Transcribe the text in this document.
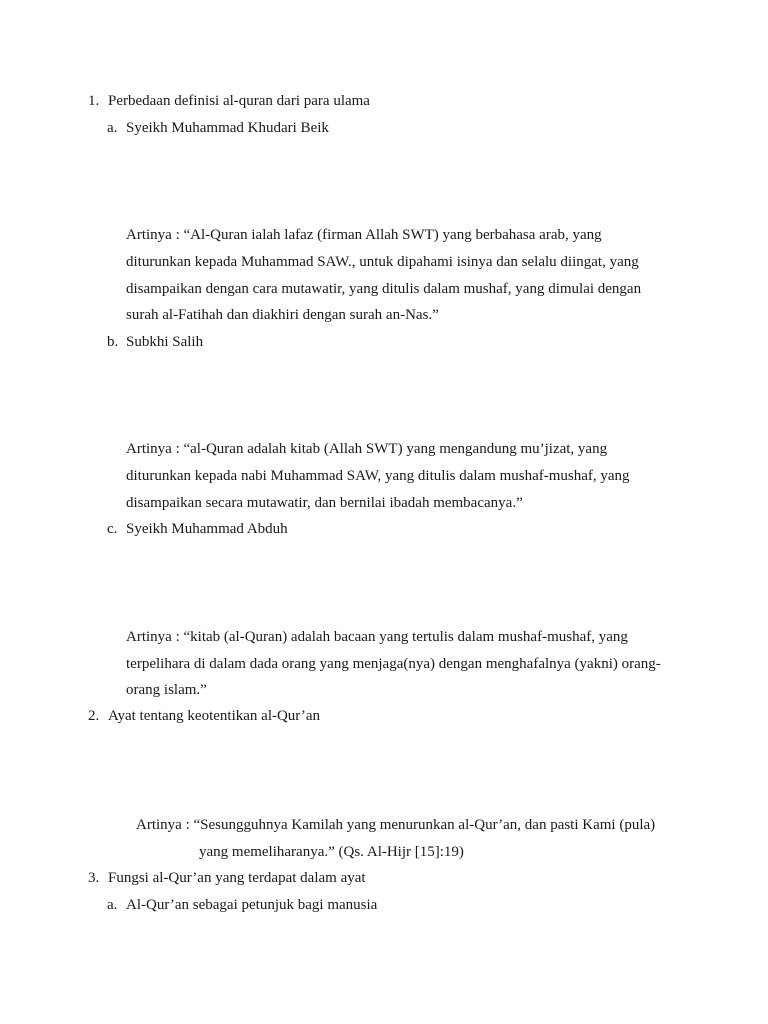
1. Perbedaan definisi al-quran dari para ulama
a. Syeikh Muhammad Khudari Beik
Artinya : “Al-Quran ialah lafaz (firman Allah SWT) yang berbahasa arab, yang
diturunkan kepada Muhammad SAW., untuk dipahami isinya dan selalu diingat, yang
disampaikan dengan cara mutawatir, yang ditulis dalam mushaf, yang dimulai dengan
surah al-Fatihah dan diakhiri dengan surah an-Nas.”
b. Subkhi Salih
Artinya : “al-Quran adalah kitab (Allah SWT) yang mengandung mu’jizat, yang
diturunkan kepada nabi Muhammad SAW, yang ditulis dalam mushaf-mushaf, yang
disampaikan secara mutawatir, dan bernilai ibadah membacanya.”
c. Syeikh Muhammad Abduh
Artinya : “kitab (al-Quran) adalah bacaan yang tertulis dalam mushaf-mushaf, yang
terpelihara di dalam dada orang yang menjaga(nya) dengan menghafalnya (yakni) orang-
orang islam.”
2. Ayat tentang keotentikan al-Qur’an
Artinya : “Sesungguhnya Kamilah yang menurunkan al-Qur’an, dan pasti Kami (pula)
yang memeliharanya.” (Qs. Al-Hijr [15]:19)
3. Fungsi al-Qur’an yang terdapat dalam ayat
a. Al-Qur’an sebagai petunjuk bagi manusia
